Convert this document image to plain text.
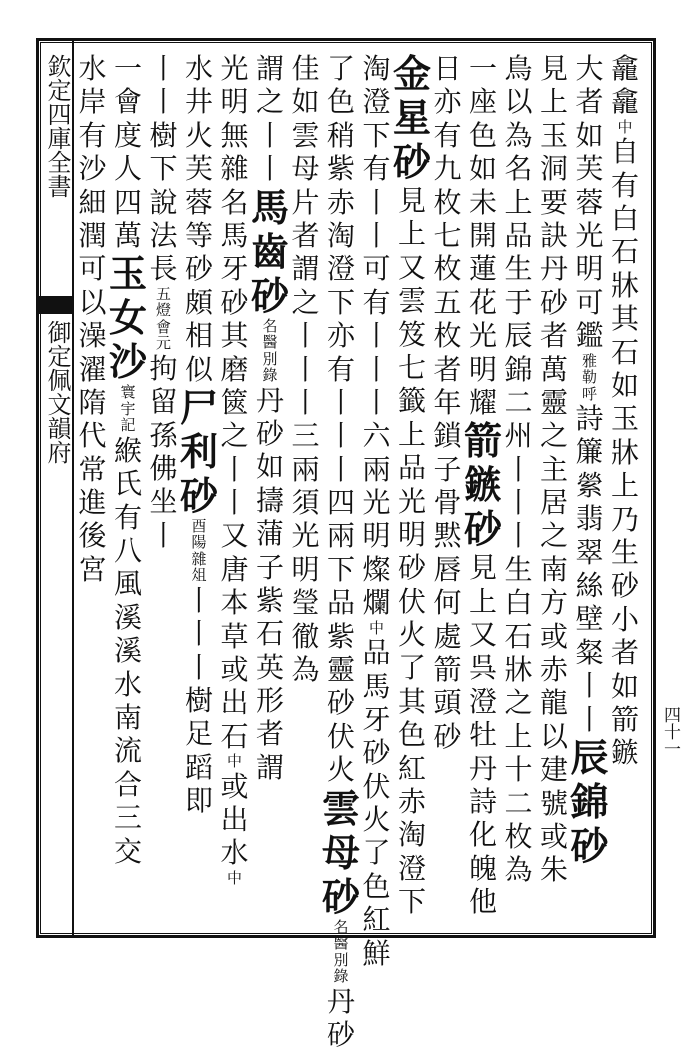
欽定四庫全書
御定佩文韻府
四十一
龕
龕
中
自
有
白
石
牀
其
石
如
玉
牀
上
乃
生
砂
小
者
如
箭
鏃
大
者
如
芙
蓉
光
明
可
鑑
雅
勒
呼
詩
簾
縈
翡
翠
絲
壁
粲
丨
丨
辰
錦
砂
見
上
玉
洞
要
訣
丹
砂
者
萬
靈
之
主
居
之
南
方
或
赤
龍
以
建
號
或
朱
鳥
以
為
名
上
品
生
于
辰
錦
二
州
丨
丨
丨
生
白
石
牀
之
上
十
二
枚
為
一
座
色
如
未
開
蓮
花
光
明
耀
箭
鏃
砂
見
上
又
呉
澄
牡
丹
詩
化
魄
他
日
亦
有
九
枚
七
枚
五
枚
者
年
鎖
子
骨
黙
唇
何
處
箭
頭
砂
金
星
砂
見
上
又
雲
笈
七
籤
上
品
光
明
砂
伏
火
了
其
色
紅
赤
淘
澄
下
淘
澄
下
有
丨
丨
可
有
丨
丨
丨
六
兩
光
明
燦
爛
中
品
馬
牙
砂
伏
火
了
色
紅
鮮
了
色
稍
紫
赤
淘
澄
下
亦
有
丨
丨
丨
四
兩
下
品
紫
靈
砂
伏
火
雲
母
砂
名
醫
別
錄
丹
砂
佳
如
雲
母
片
者
謂
之
丨
丨
丨
三
兩
須
光
明
瑩
徹
為
謂
之
丨
丨
馬
齒
砂
名
醫
別
錄
丹
砂
如
擣
蒲
子
紫
石
英
形
者
謂
光
明
無
雜
名
馬
牙
砂
其
磨
篋
之
丨
丨
又
唐
本
草
或
出
石
中
或
出
水
中
水
井
火
芙
蓉
等
砂
頗
相
似
尸
利
砂
酉
陽
雜
俎
丨
丨
丨
樹
足
蹈
即
丨
丨
樹
下
說
法
長
五
燈
會
元
拘
留
孫
佛
坐
丨
一
會
度
人
四
萬
玉
女
沙
寰
宇
記
緱
氏
有
八
風
溪
溪
水
南
流
合
三
交
水
岸
有
沙
細
潤
可
以
澡
濯
隋
代
常
進
後
宮
